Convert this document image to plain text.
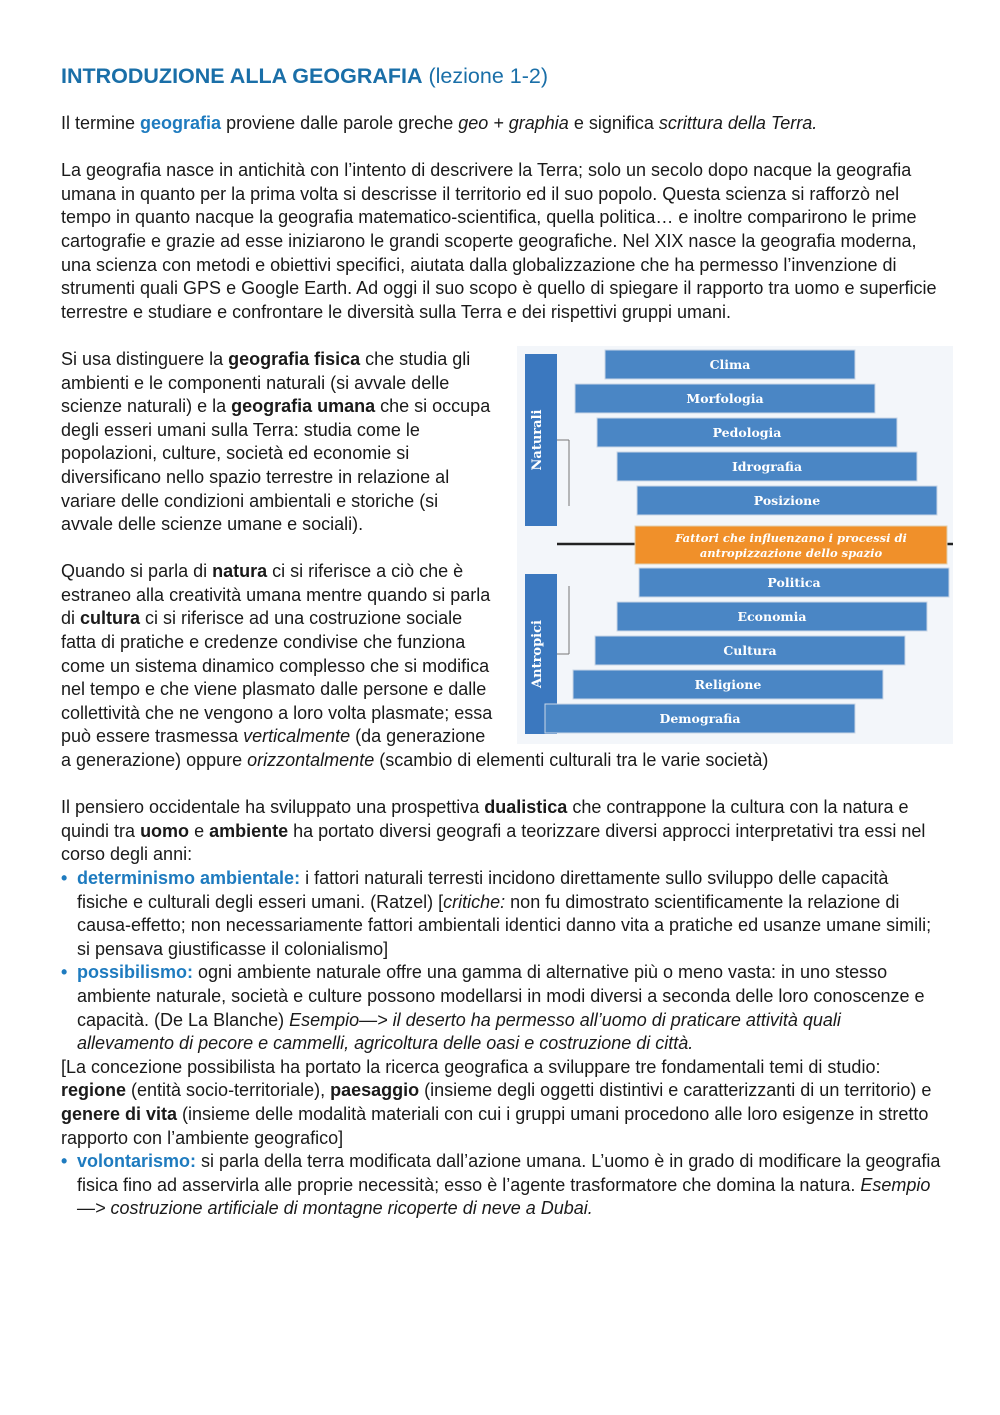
INTRODUZIONE ALLA GEOGRAFIA (lezione 1-2)

Il termine geografia proviene dalle parole greche geo + graphia e significa scrittura della Terra.

La geografia nasce in antichità con l’intento di descrivere la Terra; solo un secolo dopo nacque la geografia umana in quanto per la prima volta si descrisse il territorio ed il suo popolo. Questa scienza si rafforzò nel tempo in quanto nacque la geografia matematico-scientifica, quella politica… e inoltre comparirono le prime cartografie e grazie ad esse iniziarono le grandi scoperte geografiche. Nel XIX nasce la geografia moderna, una scienza con metodi e obiettivi specifici, aiutata dalla globalizzazione che ha permesso l’invenzione di strumenti quali GPS e Google Earth. Ad oggi il suo scopo è quello di spiegare il rapporto tra uomo e superficie terrestre e studiare e confrontare le diversità sulla Terra e dei rispettivi gruppi umani.

Naturali
Antropici
Clima
Morfologia
Pedologia
Idrografia
Posizione
Politica
Economia
Cultura
Religione
Demografia
Fattori che influenzano i processi di
antropizzazione dello spazio

Si usa distinguere la geografia fisica che studia gli ambienti e le componenti naturali (si avvale delle scienze naturali) e la geografia umana che si occupa degli esseri umani sulla Terra: studia come le popolazioni, culture, società ed economie si diversificano nello spazio terrestre in relazione al variare delle condizioni ambientali e storiche (si avvale delle scienze umane e sociali).

Quando si parla di natura ci si riferisce a ciò che è estraneo alla creatività umana mentre quando si parla di cultura ci si riferisce ad una costruzione sociale fatta di pratiche e credenze condivise che funziona come un sistema dinamico complesso che si modifica nel tempo e che viene plasmato dalle persone e dalle collettività che ne vengono a loro volta plasmate; essa può essere trasmessa verticalmente (da generazione a generazione) oppure orizzontalmente (scambio di elementi culturali tra le varie società)

Il pensiero occidentale ha sviluppato una prospettiva dualistica che contrappone la cultura con la natura e quindi tra uomo e ambiente ha portato diversi geografi a teorizzare diversi approcci interpretativi tra essi nel corso degli anni:

• determinismo ambientale: i fattori naturali terresti incidono direttamente sullo sviluppo delle capacità fisiche e culturali degli esseri umani. (Ratzel) [critiche: non fu dimostrato scientificamente la relazione di causa-effetto; non necessariamente fattori ambientali identici danno vita a pratiche ed usanze umane simili; si pensava giustificasse il colonialismo]
• possibilismo: ogni ambiente naturale offre una gamma di alternative più o meno vasta: in uno stesso ambiente naturale, società e culture possono modellarsi in modi diversi a seconda delle loro conoscenze e capacità. (De La Blanche) Esempio—> il deserto ha permesso all’uomo di praticare attività quali allevamento di pecore e cammelli, agricoltura delle oasi e costruzione di città.

[La concezione possibilista ha portato la ricerca geografica a sviluppare tre fondamentali temi di studio: regione (entità socio-territoriale), paesaggio (insieme degli oggetti distintivi e caratterizzanti di un territorio) e genere di vita (insieme delle modalità materiali con cui i gruppi umani procedono alle loro esigenze in stretto rapporto con l’ambiente geografico]

• volontarismo: si parla della terra modificata dall’azione umana. L’uomo è in grado di modificare la geografia fisica fino ad asservirla alle proprie necessità; esso è l’agente trasformatore che domina la natura. Esempio —> costruzione artificiale di montagne ricoperte di neve a Dubai.
